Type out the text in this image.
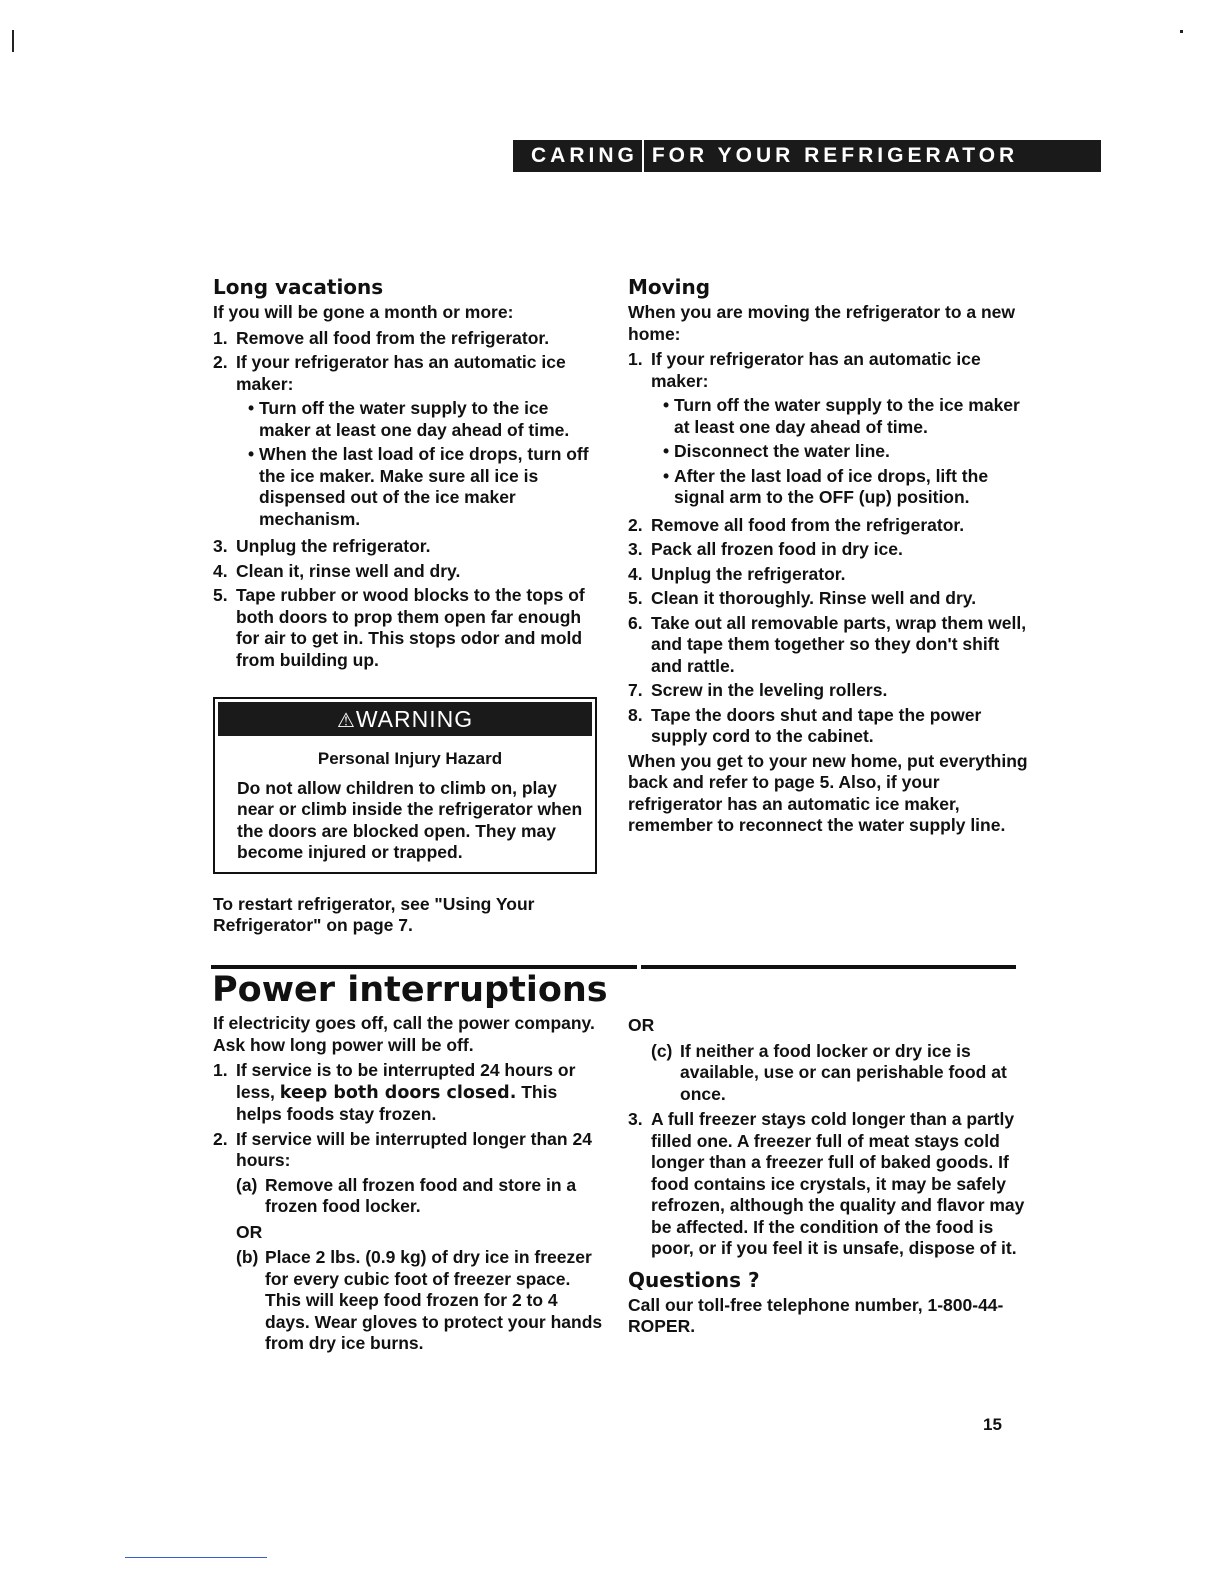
CARING FOR YOUR REFRIGERATOR
Long vacations

If you will be gone a month or more:

1. Remove all food from the refrigerator.
2. If your refrigerator has an automatic ice maker:
• Turn off the water supply to the ice maker at least one day ahead of time.
• When the last load of ice drops, turn off the ice maker. Make sure all ice is dispensed out of the ice maker mechanism.
3. Unplug the refrigerator.
4. Clean it, rinse well and dry.
5. Tape rubber or wood blocks to the tops of both doors to prop them open far enough for air to get in. This stops odor and mold from building up.
⚠WARNING
Personal Injury Hazard
Do not allow children to climb on, play near or climb inside the refrigerator when the doors are blocked open. They may become injured or trapped.

To restart refrigerator, see "Using Your Refrigerator" on page 7.

Moving

When you are moving the refrigerator to a new home:

1. If your refrigerator has an automatic ice maker:
• Turn off the water supply to the ice maker at least one day ahead of time.
• Disconnect the water line.
• After the last load of ice drops, lift the signal arm to the OFF (up) position.
2. Remove all food from the refrigerator.
3. Pack all frozen food in dry ice.
4. Unplug the refrigerator.
5. Clean it thoroughly. Rinse well and dry.
6. Take out all removable parts, wrap them well, and tape them together so they don't shift and rattle.
7. Screw in the leveling rollers.
8. Tape the doors shut and tape the power supply cord to the cabinet.

When you get to your new home, put everything back and refer to page 5. Also, if your refrigerator has an automatic ice maker, remember to reconnect the water supply line.

Power interruptions

If electricity goes off, call the power company. Ask how long power will be off.

1. If service is to be interrupted 24 hours or less, keep both doors closed. This helps foods stay frozen.
2. If service will be interrupted longer than 24 hours:
(a) Remove all frozen food and store in a frozen food locker.
OR
(b) Place 2 lbs. (0.9 kg) of dry ice in freezer for every cubic foot of freezer space. This will keep food frozen for 2 to 4 days. Wear gloves to protect your hands from dry ice burns.
OR
(c) If neither a food locker or dry ice is available, use or can perishable food at once.
3. A full freezer stays cold longer than a partly filled one. A freezer full of meat stays cold longer than a freezer full of baked goods. If food contains ice crystals, it may be safely refrozen, although the quality and flavor may be affected. If the condition of the food is poor, or if you feel it is unsafe, dispose of it.
Questions ?

Call our toll-free telephone number, 1-800-44-ROPER.

15
